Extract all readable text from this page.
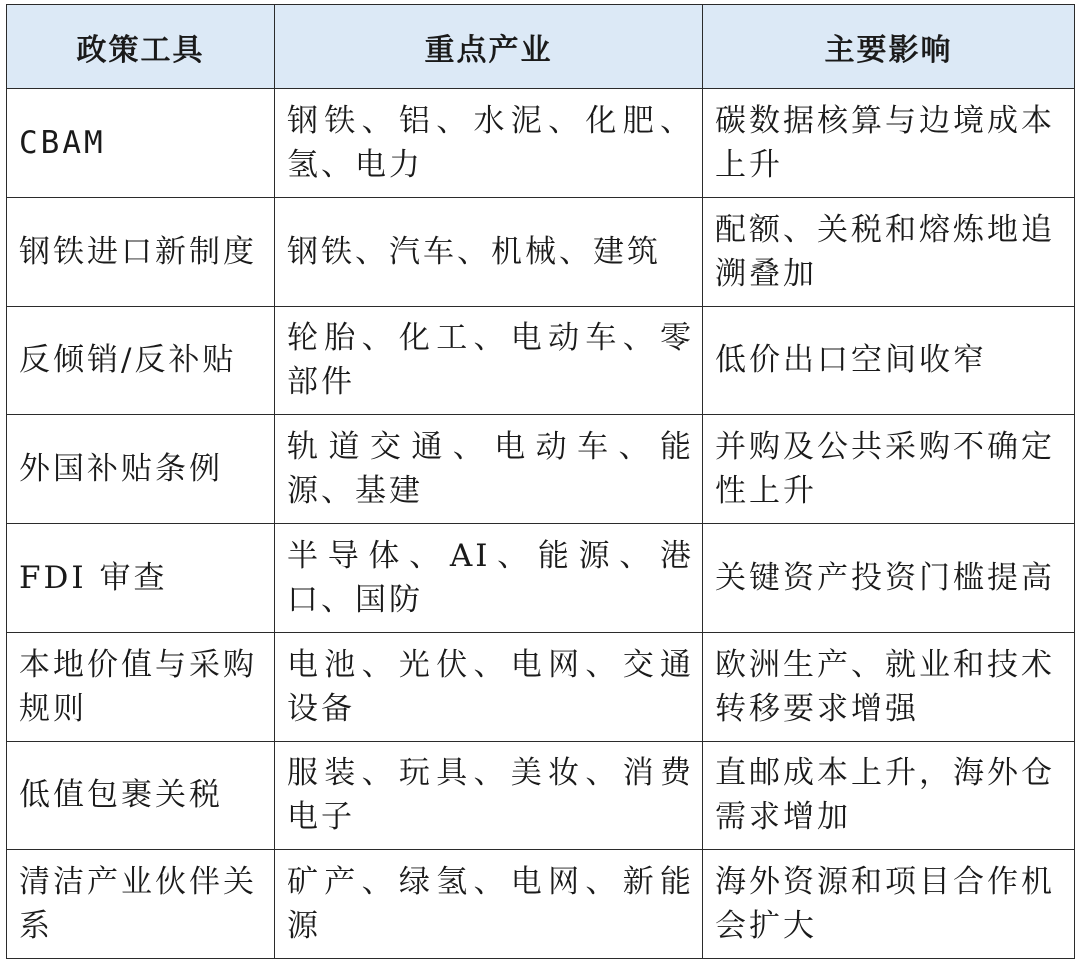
政策工具	重点产业	主要影响
CBAM	钢铁、铝、水泥、化肥、氢、电力	碳数据核算与边境成本上升
钢铁进口新制度	钢铁、汽车、机械、建筑	配额、关税和熔炼地追溯叠加
反倾销/反补贴	轮胎、化工、电动车、零部件	低价出口空间收窄
外国补贴条例	轨道交通、电动车、能源、基建	并购及公共采购不确定性上升
FDI 审查	半导体、AI、能源、港口、国防	关键资产投资门槛提高
本地价值与采购规则	电池、光伏、电网、交通设备	欧洲生产、就业和技术转移要求增强
低值包裹关税	服装、玩具、美妆、消费电子	直邮成本上升，海外仓需求增加
清洁产业伙伴关系	矿产、绿氢、电网、新能源	海外资源和项目合作机会扩大
